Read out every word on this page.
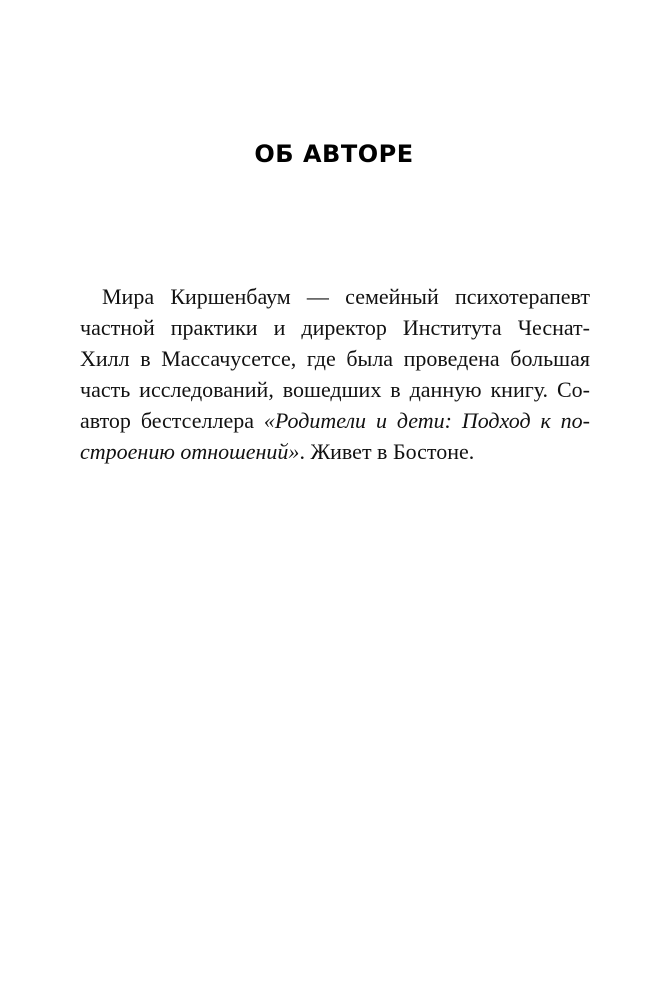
ОБ АВТОРЕ
Мира Киршенбаум — семейный психотерапевт
частной практики и директор Института Чеснат-
Хилл в Массачусетсе, где была проведена большая
часть исследований, вошедших в данную книгу. Со-
автор бестселлера «Родители и дети: Подход к по-
строению отношений». Живет в Бостоне.
